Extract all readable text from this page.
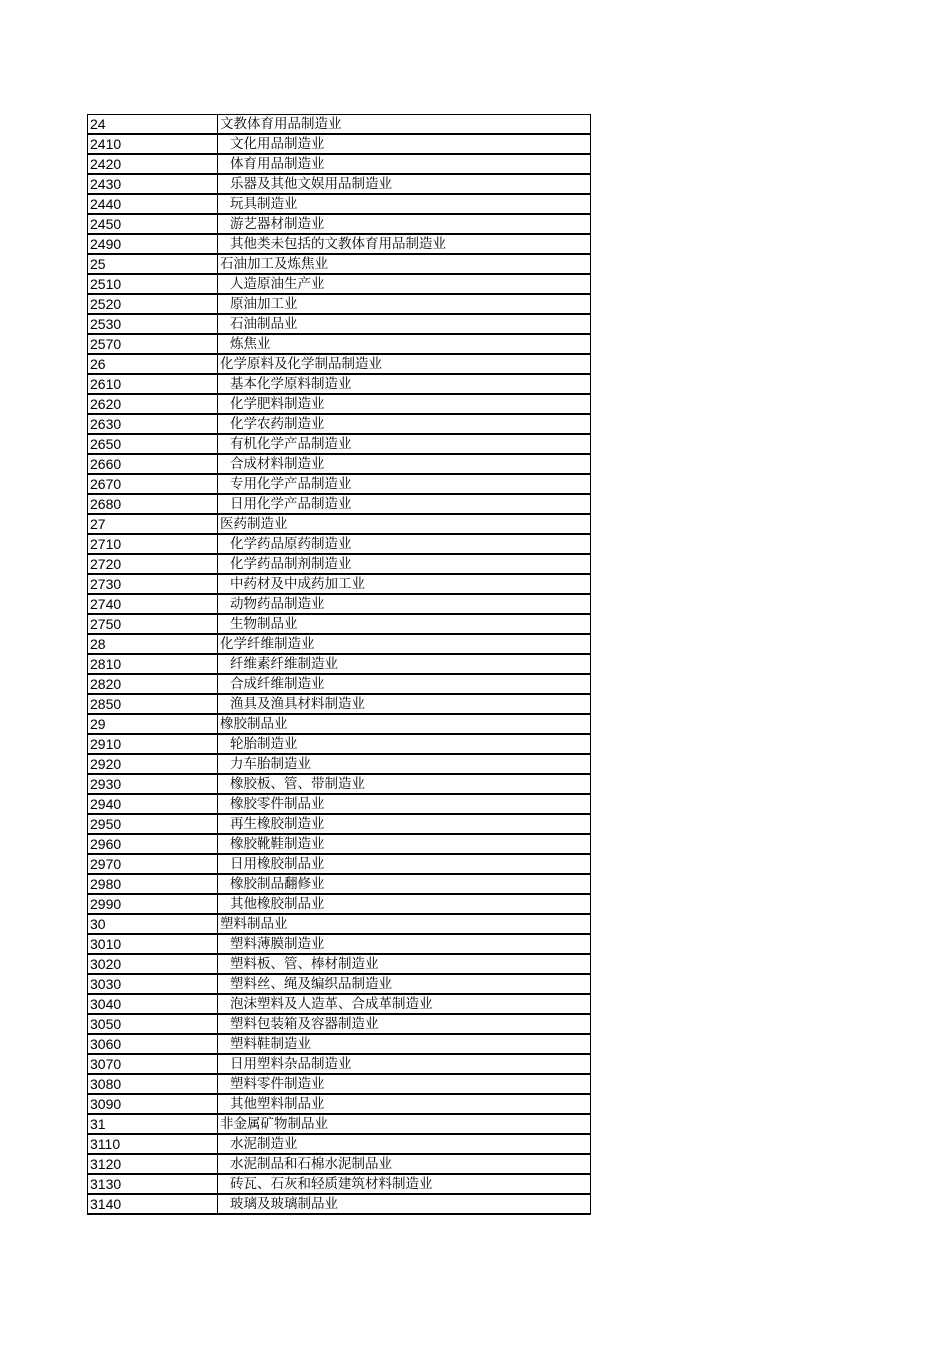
24	文教体育用品制造业
2410	文化用品制造业
2420	体育用品制造业
2430	乐器及其他文娱用品制造业
2440	玩具制造业
2450	游艺器材制造业
2490	其他类未包括的文教体育用品制造业
25	石油加工及炼焦业
2510	人造原油生产业
2520	原油加工业
2530	石油制品业
2570	炼焦业
26	化学原料及化学制品制造业
2610	基本化学原料制造业
2620	化学肥料制造业
2630	化学农药制造业
2650	有机化学产品制造业
2660	合成材料制造业
2670	专用化学产品制造业
2680	日用化学产品制造业
27	医药制造业
2710	化学药品原药制造业
2720	化学药品制剂制造业
2730	中药材及中成药加工业
2740	动物药品制造业
2750	生物制品业
28	化学纤维制造业
2810	纤维素纤维制造业
2820	合成纤维制造业
2850	渔具及渔具材料制造业
29	橡胶制品业
2910	轮胎制造业
2920	力车胎制造业
2930	橡胶板、管、带制造业
2940	橡胶零件制品业
2950	再生橡胶制造业
2960	橡胶靴鞋制造业
2970	日用橡胶制品业
2980	橡胶制品翻修业
2990	其他橡胶制品业
30	塑料制品业
3010	塑料薄膜制造业
3020	塑料板、管、棒材制造业
3030	塑料丝、绳及编织品制造业
3040	泡沫塑料及人造革、合成革制造业
3050	塑料包装箱及容器制造业
3060	塑料鞋制造业
3070	日用塑料杂品制造业
3080	塑料零件制造业
3090	其他塑料制品业
31	非金属矿物制品业
3110	水泥制造业
3120	水泥制品和石棉水泥制品业
3130	砖瓦、石灰和轻质建筑材料制造业
3140	玻璃及玻璃制品业
